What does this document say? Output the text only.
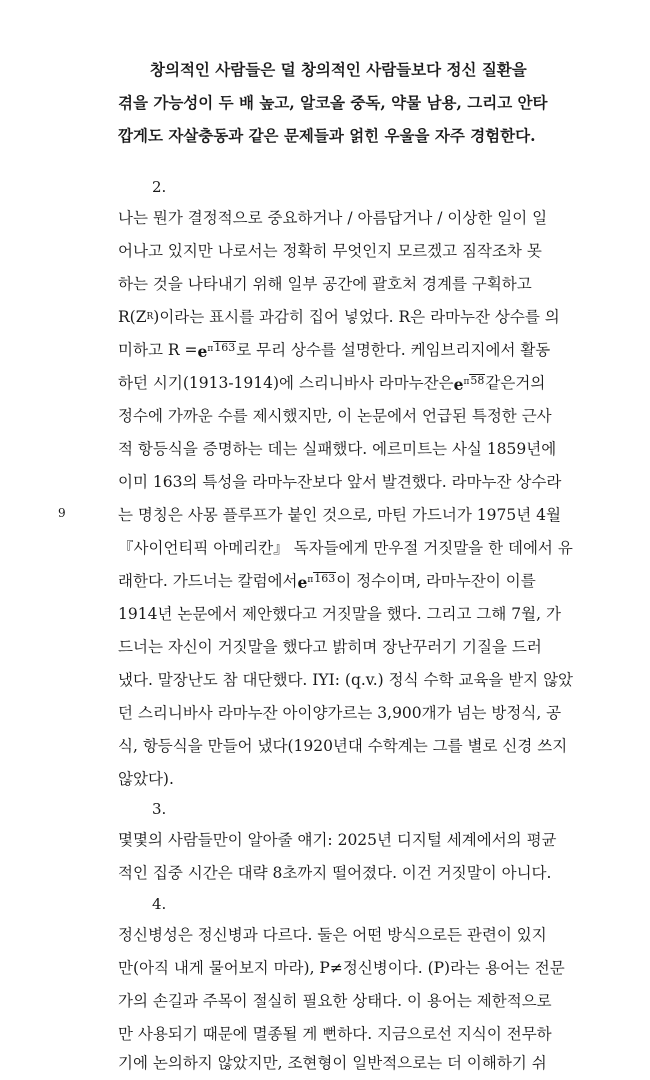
창의적인 사람들은 덜 창의적인 사람들보다 정신 질환을
겪을 가능성이 두 배 높고, 알코올 중독, 약물 남용, 그리고 안타
깝게도 자살충동과 같은 문제들과 얽힌 우울을 자주 경험한다.
2.
나는 뭔가 결정적으로 중요하거나 / 아름답거나 / 이상한 일이 일
어나고 있지만 나로서는 정확히 무엇인지 모르겠고 짐작조차 못
하는 것을 나타내기 위해 일부 공간에 괄호처 경계를 구획하고
R(Z R )이라는 표시를 과감히 집어 넣었다. R은 라마누잔 상수를 의
미하고 $R = e^{\pi 163}$ 로 무리 상수를 설명한다. 케임브리지에서 활동
하던 시기(1913-1914)에 스리니바사 라마누잔은 $e^{\pi 58}$ 같은거의
정수에 가까운 수를 제시했지만, 이 논문에서 언급된 특정한 근사
적 항등식을 증명하는 데는 실패했다. 에르미트는 사실 1859년에
이미 163의 특성을 라마누잔보다 앞서 발견했다. 라마누잔 상수라
는 명칭은 사몽 플루프가 붙인 것으로, 마틴 가드너가 1975년 4월
9
『사이언티픽 아메리칸』 독자들에게 만우절 거짓말을 한 데에서 유
래한다. 가드너는 칼럼에서 $e^{\pi 163}$ 이 정수이며, 라마누잔이 이를
1914년 논문에서 제안했다고 거짓말을 했다. 그리고 그해 7월, 가
드너는 자신이 거짓말을 했다고 밝히며 장난꾸러기 기질을 드러
냈다. 말장난도 참 대단했다. IYI: (q.v.) 정식 수학 교육을 받지 않았
던 스리니바사 라마누잔 아이양가르는 3,900개가 넘는 방정식, 공
식, 항등식을 만들어 냈다(1920년대 수학계는 그를 별로 신경 쓰지
않았다).
3.
몇몇의 사람들만이 알아줄 얘기: 2025년 디지털 세계에서의 평균
적인 집중 시간은 대략 8초까지 떨어졌다. 이건 거짓말이 아니다.
4.
정신병성은 정신병과 다르다. 둘은 어떤 방식으로든 관련이 있지
만(아직 내게 물어보지 마라), P≠정신병이다. (P)라는 용어는 전문
가의 손길과 주목이 절실히 필요한 상태다. 이 용어는 제한적으로
만 사용되기 때문에 멸종될 게 뻔하다. 지금으로선 지식이 전무하
기에 논의하지 않았지만, 조현형이 일반적으로는 더 이해하기 쉬
